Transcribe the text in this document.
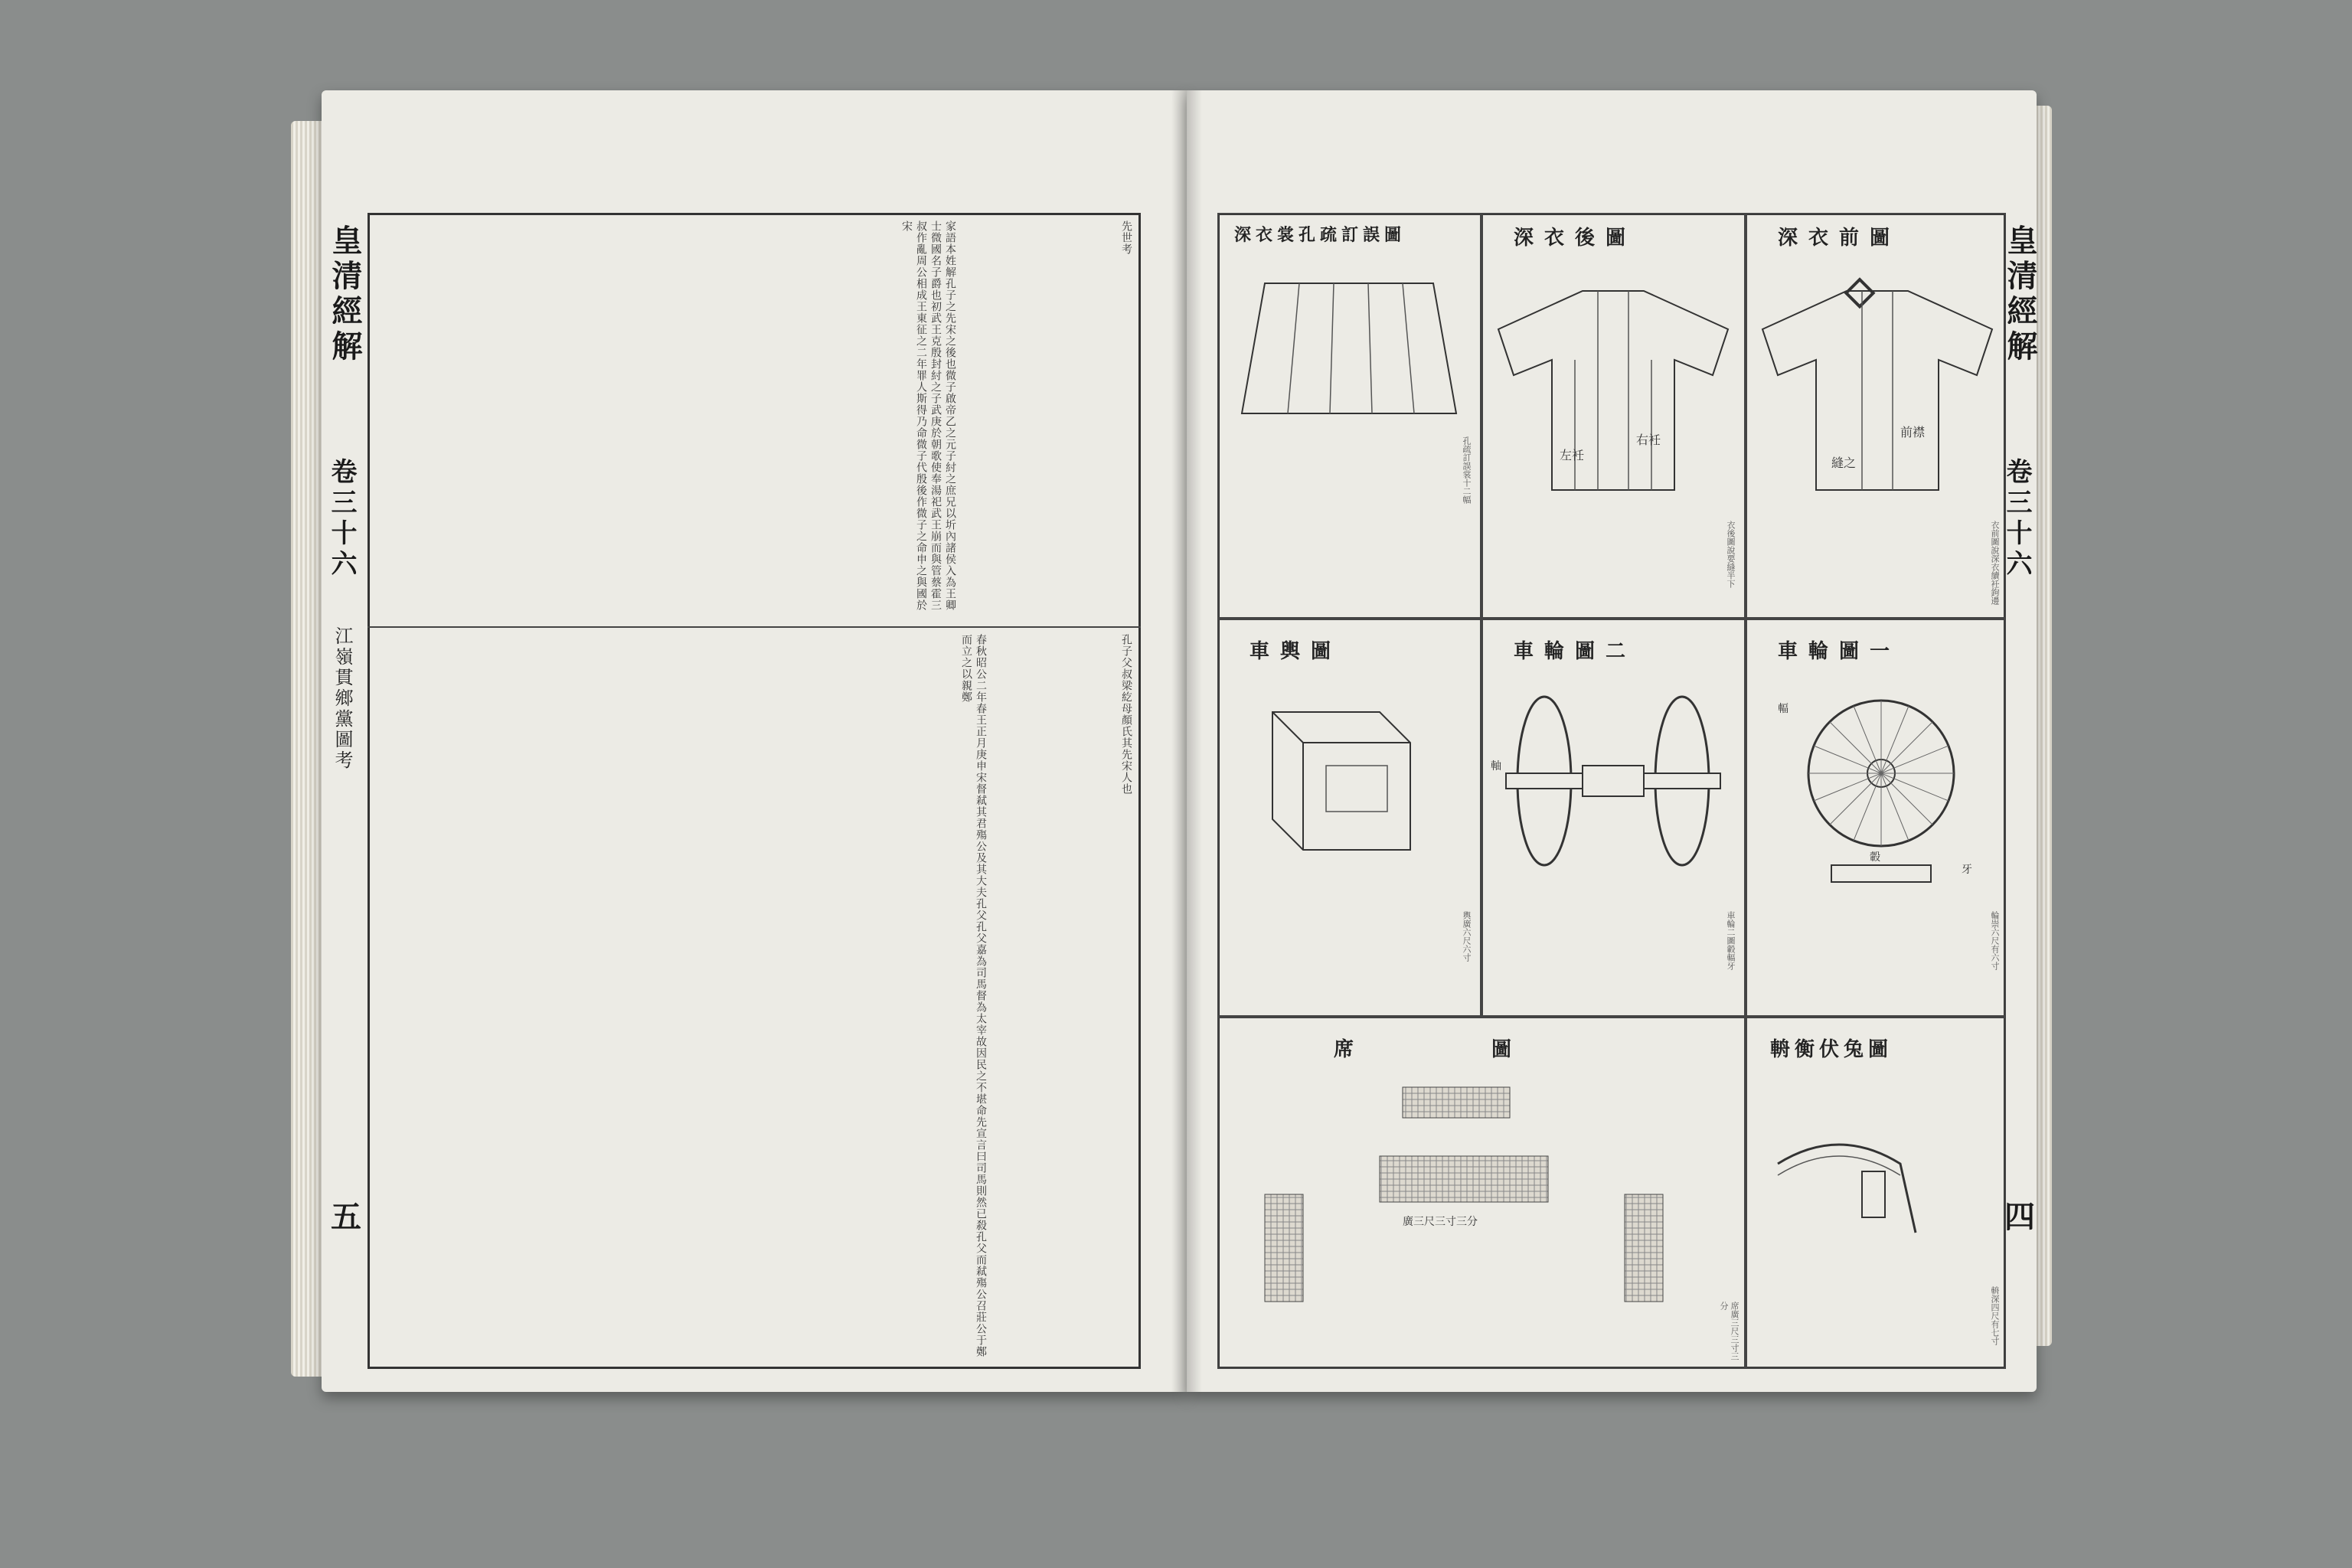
皇清經解
卷三十六
江嶺貫鄉黨圖考
五
家語本姓解孔子之先宋之後也微子啟帝乙之元子紂之庶兄以圻內諸侯入為王卿士微國名子爵也初武王克殷封紂之子武庚於朝歌使奉湯祀武王崩而與管蔡霍三叔作亂周公相成王東征之二年罪人斯得乃命微子代殷後作微子之命申之與國於宋	先世考
春秋昭公二年春王正月庚申宋督弒其君殤公及其大夫孔父孔父嘉為司馬督為太宰故因民之不堪命先宣言曰司馬則然已殺孔父而弒殤公召莊公于鄭而立之以親鄭	孔子父叔梁紇母顏氏其先宋人也
皇清經解
卷三十六
四
深衣裳孔疏訂誤圖
孔疏訂誤裳十二幅
深衣後圖
右衽
左衽
衣後圖說要縫半下
深衣前圖
前襟
縫之
衣前圖說深衣續衽鉤邊
車輿圖
輿廣六尺六寸
車輪圖二
軸
車輪二圖轂輻牙
車輪圖一
轂
輻
牙
輪崇六尺有六寸
席圖
廣三尺三寸三分
席廣三尺三寸三分
輈衡伏兔圖
輈深四尺有七寸
